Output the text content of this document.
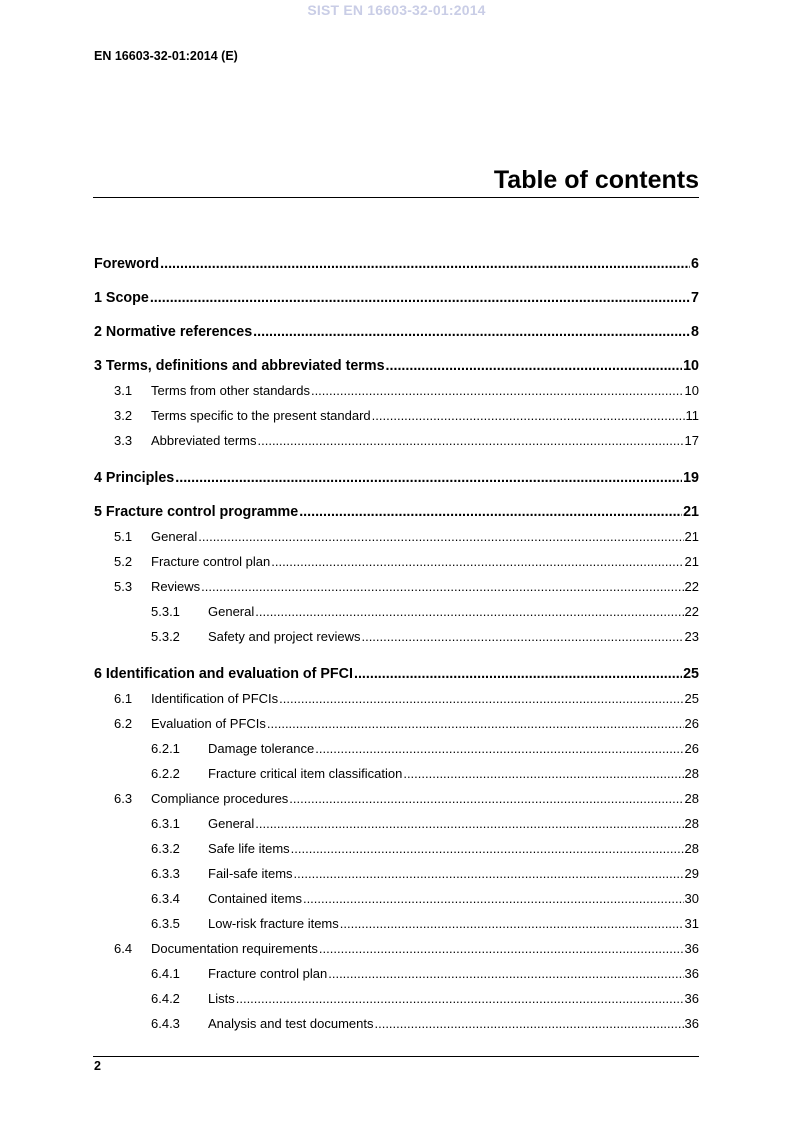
SIST EN 16603-32-01:2014
EN 16603-32-01:2014 (E)
Table of contents
Foreword .....	6
1 Scope .....	7
2 Normative references .....	8
3 Terms, definitions and abbreviated terms .....	10
3.1	Terms from other standards .....	10
3.2	Terms specific to the present standard .....	11
3.3	Abbreviated terms .....	17
4 Principles .....	19
5 Fracture control programme .....	21
5.1	General .....	21
5.2	Fracture control plan .....	21
5.3	Reviews .....	22
5.3.1	General .....	22
5.3.2	Safety and project reviews .....	23
6 Identification and evaluation of PFCI .....	25
6.1	Identification of PFCIs .....	25
6.2	Evaluation of PFCIs .....	26
6.2.1	Damage tolerance .....	26
6.2.2	Fracture critical item classification .....	28
6.3	Compliance procedures .....	28
6.3.1	General .....	28
6.3.2	Safe life items .....	28
6.3.3	Fail-safe items .....	29
6.3.4	Contained items .....	30
6.3.5	Low-risk fracture items .....	31
6.4	Documentation requirements .....	36
6.4.1	Fracture control plan .....	36
6.4.2	Lists .....	36
6.4.3	Analysis and test documents .....	36
2
